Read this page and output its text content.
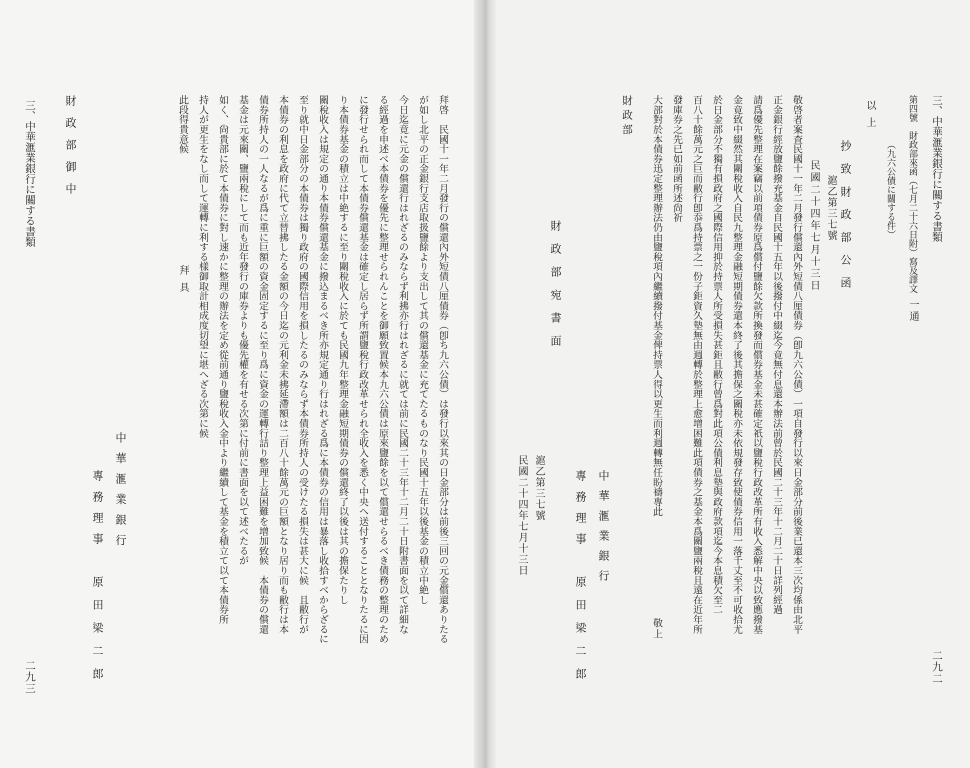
三、中華滙業銀行に關する書類
二九二
第四號　財政部來函（七月二十六日附）寫及譯文
一通
（九六公債に關する件）
以上
抄致財政部公函
滬乙第三七號
民國二十四年七月十三日
敬啓者案査民國十一年二月發行償還內外短債八厘債券（卽九六公債）一項自發行以來日金部分前後業已還本三次均係由北平
正金銀行經放鹽餘撥充基金自民國十五年以後撥付中綴迄今竟無付息還本辦法前曾於民國二十三年十二月二十日詳列經過
請爲優先整理在案竊以前項債券原爲償付鹽餘欠款所換發而償券基金未甚確定祇以鹽稅行政改革所有收入悉解中央以致應撥基
金竟致中綴然其關稅收入自民九整理金融短期債券還本終了後其擔保之關稅亦未依規發存致使債券信用一落千丈至不可收拾尤
於日金部分不獨有損政府之國際信用抑於持票人所受損失甚鉅且敝行曾爲對此項公債利息墊與政府款項迄今本息積欠至二
百八十餘萬元之巨而敝行卽忝爲持票之一份子鉅資久墊無由週轉於整理上愈增困難此項債券之基金本爲關鹽兩稅且遠在近年所
發庫券之先已如前函所述尙祈
大部對於本債券迅定整理辦法仍由鹽稅項內繼續撥付基金俾持票人得以更生而利週轉無任盼禱專此
敬上
財政部
中華滙業銀行
專務理事
原田梁二郎
財政部宛書面
滬乙第三七號
民國二十四年七月十三日
拜啓　民國十一年二月發行の償還內外短債八厘債券（卽ち九六公債）は發行以來其の日金部分は前後三回の元金償還ありたる
が如し北平の正金銀行支店取扱鹽餘より支出して其の償還基金に充てたるものなり民國十五年以後基金の積立中絶し
今日迄竟に元金の償還行はれざるのみならず利拂亦行はれざるに就ては前に民國二十三年十二月二十日附書面を以て詳細な
る經過を申述べ本債券を優先に整理せられんことを御願致置候本九六公債は原來鹽餘を以て償還せらるべき債務の整理のため
に發行せられ而して本債券償還基金は確定し居らず所謂鹽稅行政改革せられ全收入を悉く中央へ送付することとなりたるに因
り本債券基金の積立は中絶するに至り關稅收入に於ても民國九年整理金融短期債券の償還終了以後は其の擔保たりし
關稅收入は規定の通り本債券償還基金に撥込まるべき所亦規定通り行はれざる爲に本債券の信用は暴落し收拾すべからざるに
至り就中日金部分の本債券は獨り政府の國際信用を損したるのみならず本債券所持人の受けたる損失は甚大に候　且敝行が
本債券の利息を政府に代て立替拂したる金額の今日迄の元利金未拂延滯額は二百八十餘萬元の巨額となり居り而も敝行は本
債券所持人の一人なるが爲に重に巨額の資金固定するに至り爲に資金の運轉行詰り整理上益困難を增加致候　本債券の償還
基金は元來關、鹽兩稅にして而も近年發行の庫券よりも優先權を有せる次第に付前に書面を以て述べたるが
如く、尙貴部に於て本債券に對し速かに整理の辦法を定め從前通り鹽稅收入金中より繼續して基金を積立て以て本債券所
持人が更生をなし而して運轉に利する樣御取計相成度切望に堪へざる次第に候
此段得貴意候
拜具
中華滙業銀行
專務理事
原田梁二郎
財政部御中
三、中華滙業銀行に關する書類
二九三
